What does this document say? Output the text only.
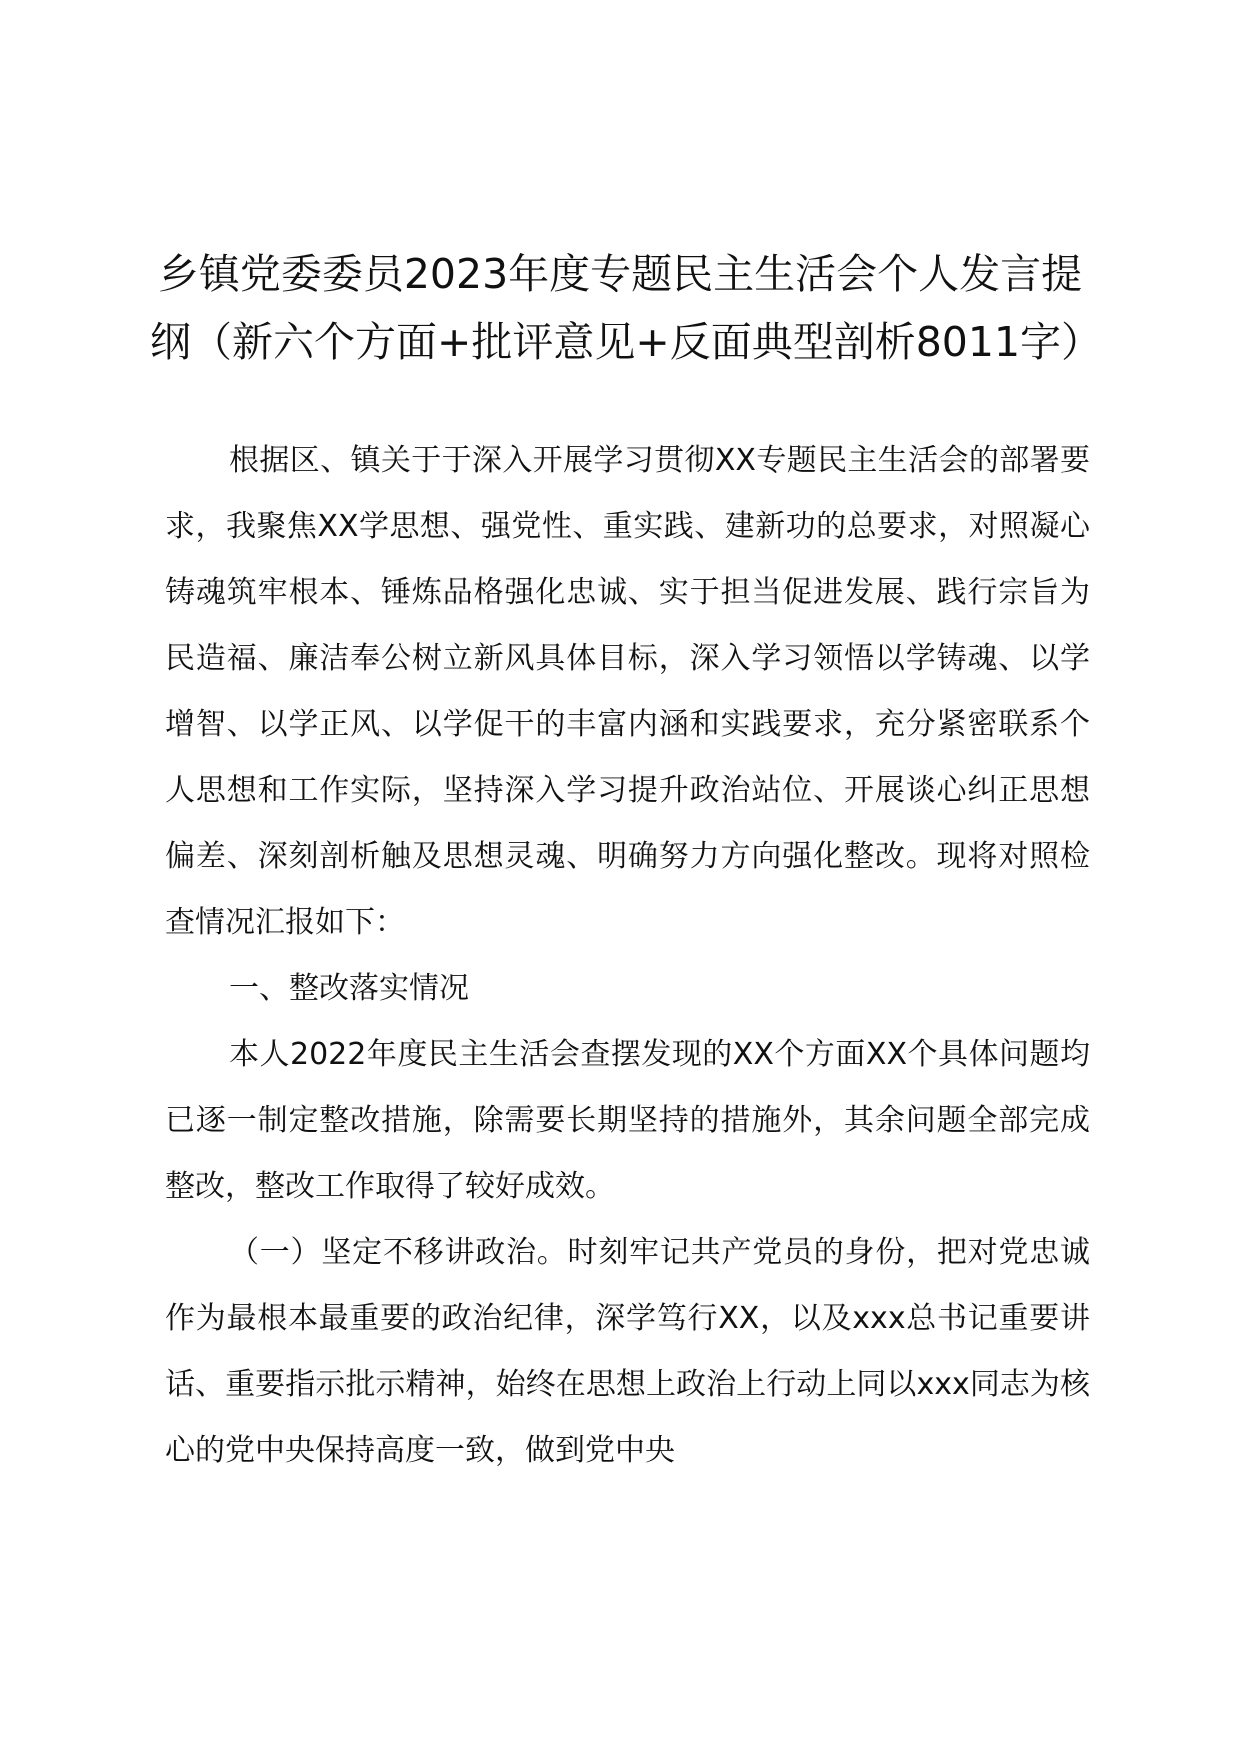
乡镇党委委员2023年度专题民主生活会个人发言提纲（新六个方面+批评意见+反面典型剖析8011字）

根据区、镇关于于深入开展学习贯彻XX专题民主生活会的部署要求，我聚焦XX学思想、强党性、重实践、建新功的总要求，对照凝心铸魂筑牢根本、锤炼品格强化忠诚、实于担当促进发展、践行宗旨为民造福、廉洁奉公树立新风具体目标，深入学习领悟以学铸魂、以学增智、以学正风、以学促干的丰富内涵和实践要求，充分紧密联系个人思想和工作实际，坚持深入学习提升政治站位、开展谈心纠正思想偏差、深刻剖析触及思想灵魂、明确努力方向强化整改。现将对照检查情况汇报如下：

一、整改落实情况

本人2022年度民主生活会查摆发现的XX个方面XX个具体问题均已逐一制定整改措施，除需要长期坚持的措施外，其余问题全部完成整改，整改工作取得了较好成效。

（一）坚定不移讲政治。时刻牢记共产党员的身份，把对党忠诚作为最根本最重要的政治纪律，深学笃行XX，以及xxx总书记重要讲话、重要指示批示精神，始终在思想上政治上行动上同以xxx同志为核心的党中央保持高度一致，做到党中央
